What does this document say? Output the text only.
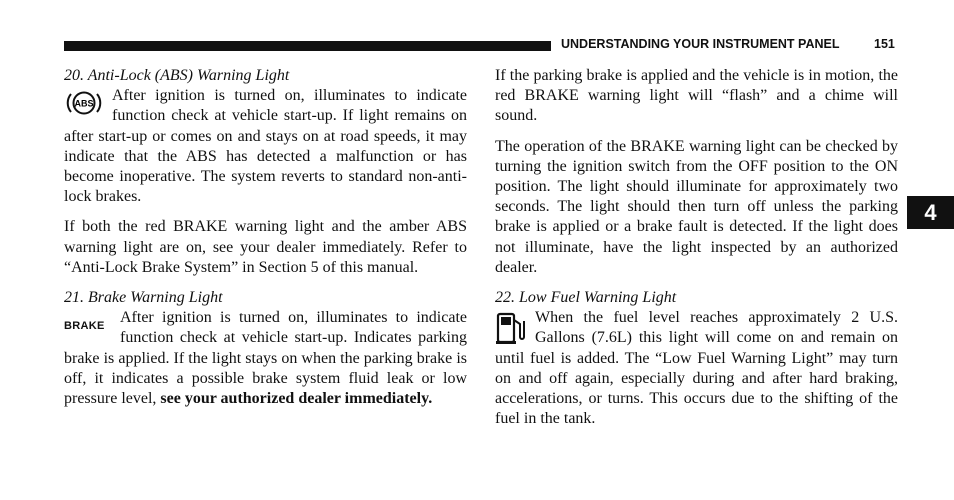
UNDERSTANDING YOUR INSTRUMENT PANEL	151
4
20. Anti-Lock (ABS) Warning Light
ABS	After ignition is turned on, illuminates to indicate function check at vehicle start-up. If light remains on after start-up or comes on and stays on at road speeds, it may indicate that the ABS has detected a malfunction or has become inoperative. The system reverts to standard non-anti-lock brakes.

If both the red BRAKE warning light and the amber ABS warning light are on, see your dealer immediately. Refer to “Anti-Lock Brake System” in Section 5 of this manual.

21. Brake Warning Light
BRAKE After ignition is turned on, illuminates to indicate function check at vehicle start-up. Indicates parking brake is applied. If the light stays on when the parking brake is off, it indicates a possible brake system fluid leak or low pressure level, see your authorized dealer immediately.

If the parking brake is applied and the vehicle is in motion, the red BRAKE warning light will “flash” and a chime will sound.

The operation of the BRAKE warning light can be checked by turning the ignition switch from the OFF position to the ON position. The light should illuminate for approximately two seconds. The light should then turn off unless the parking brake is applied or a brake fault is detected. If the light does not illuminate, have the light inspected by an authorized dealer.

22. Low Fuel Warning Light

When the fuel level reaches approximately 2 U.S. Gallons (7.6L) this light will come on and remain on until fuel is added. The “Low Fuel Warning Light” may turn on and off again, especially during and after hard braking, accelerations, or turns. This occurs due to the shifting of the fuel in the tank.
